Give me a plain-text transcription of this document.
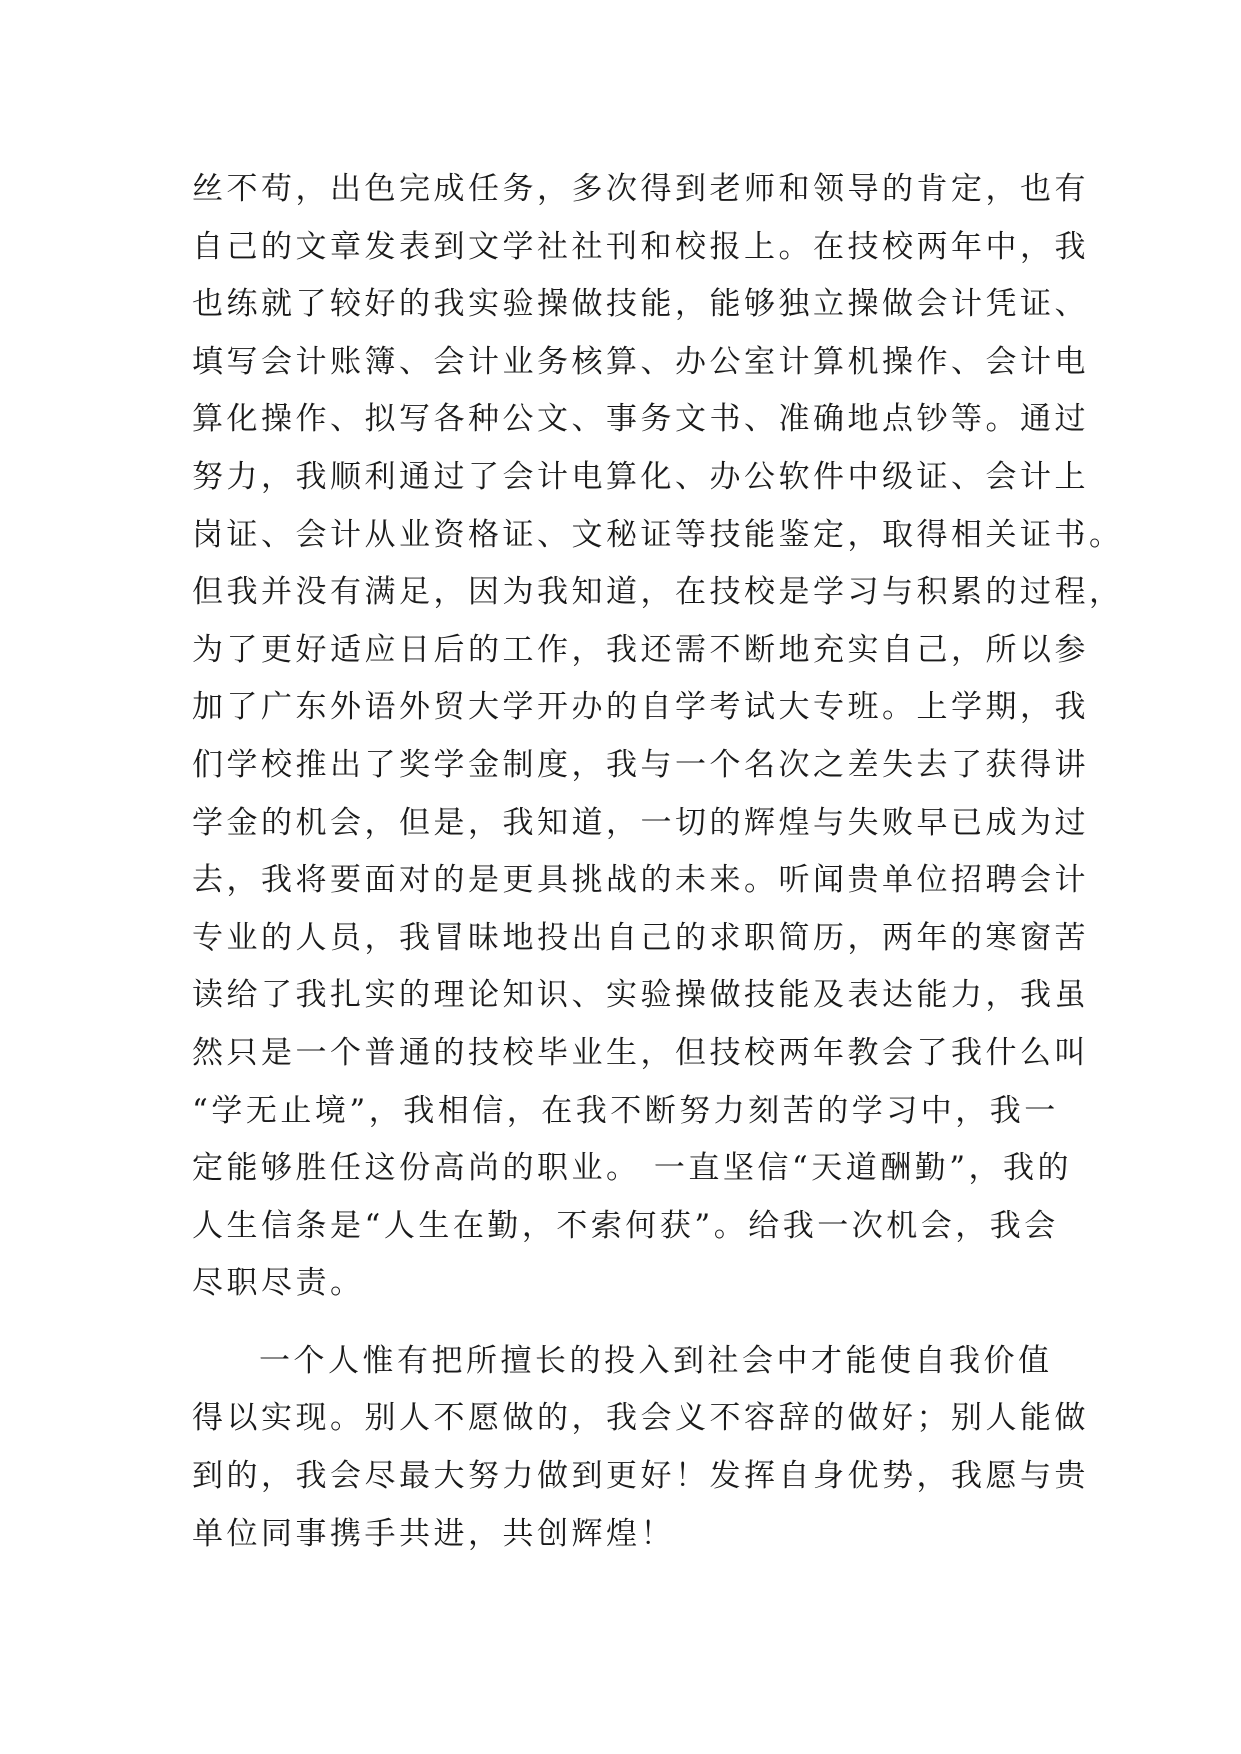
丝不苟，出色完成任务，多次得到老师和领导的肯定，也有
自己的文章发表到文学社社刊和校报上。在技校两年中，我
也练就了较好的我实验操做技能，能够独立操做会计凭证、
填写会计账簿、会计业务核算、办公室计算机操作、会计电
算化操作、拟写各种公文、事务文书、准确地点钞等。通过
努力，我顺利通过了会计电算化、办公软件中级证、会计上
岗证、会计从业资格证、文秘证等技能鉴定，取得相关证书。
但我并没有满足，因为我知道，在技校是学习与积累的过程，
为了更好适应日后的工作，我还需不断地充实自己，所以参
加了广东外语外贸大学开办的自学考试大专班。上学期，我
们学校推出了奖学金制度，我与一个名次之差失去了获得讲
学金的机会，但是，我知道，一切的辉煌与失败早已成为过
去，我将要面对的是更具挑战的未来。听闻贵单位招聘会计
专业的人员，我冒昧地投出自己的求职简历，两年的寒窗苦
读给了我扎实的理论知识、实验操做技能及表达能力，我虽
然只是一个普通的技校毕业生，但技校两年教会了我什么叫
“学无止境”，我相信，在我不断努力刻苦的学习中，我一
定能够胜任这份高尚的职业。 一直坚信“天道酬勤”，我的
人生信条是“人生在勤，不索何获”。给我一次机会，我会
尽职尽责。
一个人惟有把所擅长的投入到社会中才能使自我价值
得以实现。别人不愿做的，我会义不容辞的做好；别人能做
到的，我会尽最大努力做到更好！发挥自身优势，我愿与贵
单位同事携手共进，共创辉煌！
